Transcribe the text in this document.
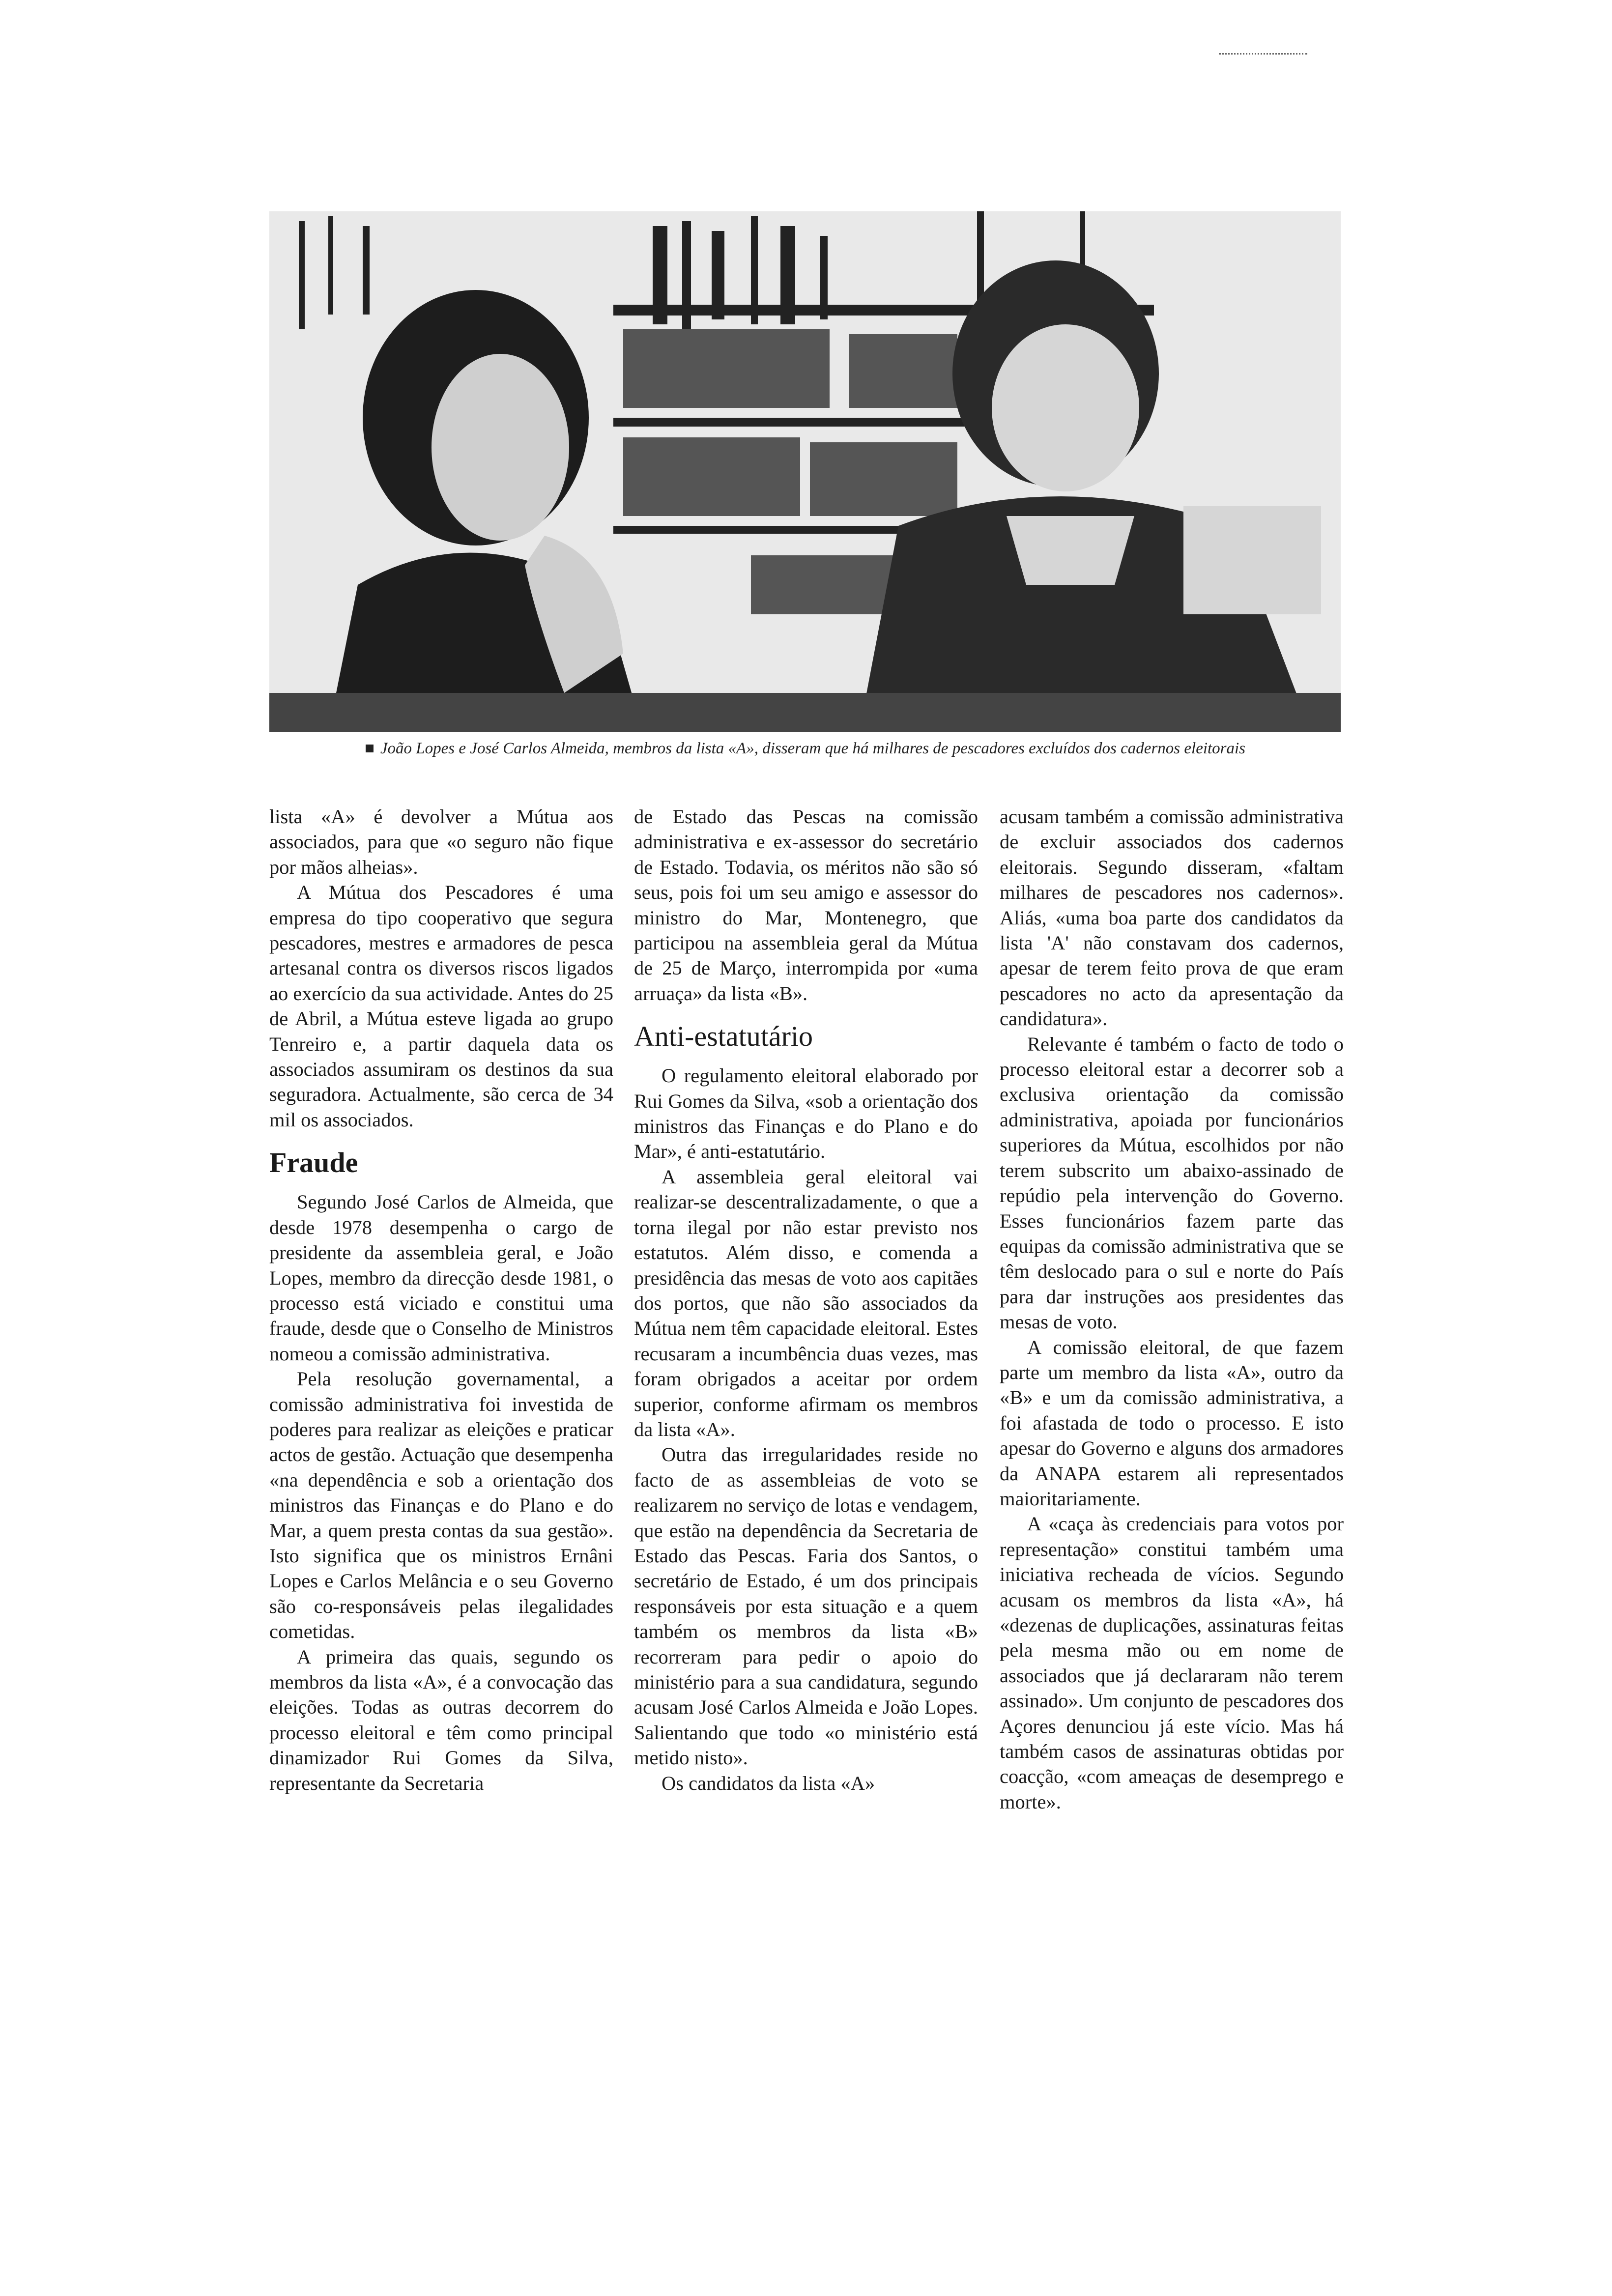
■ João Lopes e José Carlos Almeida, membros da lista «A», disseram que há milhares de pescadores excluídos dos cadernos eleitorais

lista «A» é devolver a Mútua aos associados, para que «o seguro não fique por mãos alheias».

A Mútua dos Pescadores é uma empresa do tipo cooperativo que segura pescadores, mestres e armadores de pesca artesanal contra os diversos riscos ligados ao exercício da sua actividade. Antes do 25 de Abril, a Mútua esteve ligada ao grupo Tenreiro e, a partir daquela data os associados assumiram os destinos da sua seguradora. Actualmente, são cerca de 34 mil os associados.

Fraude

Segundo José Carlos de Almeida, que desde 1978 desempenha o cargo de presidente da assembleia geral, e João Lopes, membro da direcção desde 1981, o processo está viciado e constitui uma fraude, desde que o Conselho de Ministros nomeou a comissão administrativa.

Pela resolução governamental, a comissão administrativa foi investida de poderes para realizar as eleições e praticar actos de gestão. Actuação que desempenha «na dependência e sob a orientação dos ministros das Finanças e do Plano e do Mar, a quem presta contas da sua gestão». Isto significa que os ministros Ernâni Lopes e Carlos Melância e o seu Governo são co-responsáveis pelas ilegalidades cometidas.

A primeira das quais, segundo os membros da lista «A», é a convocação das eleições. Todas as outras decorrem do processo eleitoral e têm como principal dinamizador Rui Gomes da Silva, representante da Secretaria

de Estado das Pescas na comissão administrativa e ex-assessor do secretário de Estado. Todavia, os méritos não são só seus, pois foi um seu amigo e assessor do ministro do Mar, Montenegro, que participou na assembleia geral da Mútua de 25 de Março, interrompida por «uma arruaça» da lista «B».

Anti-estatutário

O regulamento eleitoral elaborado por Rui Gomes da Silva, «sob a orientação dos ministros das Finanças e do Plano e do Mar», é anti-estatutário.

A assembleia geral eleitoral vai realizar-se descentralizadamente, o que a torna ilegal por não estar previsto nos estatutos. Além disso, e comenda a presidência das mesas de voto aos capitães dos portos, que não são associados da Mútua nem têm capacidade eleitoral. Estes recusaram a incumbência duas vezes, mas foram obrigados a aceitar por ordem superior, conforme afirmam os membros da lista «A».

Outra das irregularidades reside no facto de as assembleias de voto se realizarem no serviço de lotas e vendagem, que estão na dependência da Secretaria de Estado das Pescas. Faria dos Santos, o secretário de Estado, é um dos principais responsáveis por esta situação e a quem também os membros da lista «B» recorreram para pedir o apoio do ministério para a sua candidatura, segundo acusam José Carlos Almeida e João Lopes. Salientando que todo «o ministério está metido nisto».

Os candidatos da lista «A»

acusam também a comissão administrativa de excluir associados dos cadernos eleitorais. Segundo disseram, «faltam milhares de pescadores nos cadernos». Aliás, «uma boa parte dos candidatos da lista 'A' não constavam dos cadernos, apesar de terem feito prova de que eram pescadores no acto da apresentação da candidatura».

Relevante é também o facto de todo o processo eleitoral estar a decorrer sob a exclusiva orientação da comissão administrativa, apoiada por funcionários superiores da Mútua, escolhidos por não terem subscrito um abaixo-assinado de repúdio pela intervenção do Governo. Esses funcionários fazem parte das equipas da comissão administrativa que se têm deslocado para o sul e norte do País para dar instruções aos presidentes das mesas de voto.

A comissão eleitoral, de que fazem parte um membro da lista «A», outro da «B» e um da comissão administrativa, a foi afastada de todo o processo. E isto apesar do Governo e alguns dos armadores da ANAPA estarem ali representados maioritariamente.

A «caça às credenciais para votos por representação» constitui também uma iniciativa recheada de vícios. Segundo acusam os membros da lista «A», há «dezenas de duplicações, assinaturas feitas pela mesma mão ou em nome de associados que já declararam não terem assinado». Um conjunto de pescadores dos Açores denunciou já este vício. Mas há também casos de assinaturas obtidas por coacção, «com ameaças de desemprego e morte».
